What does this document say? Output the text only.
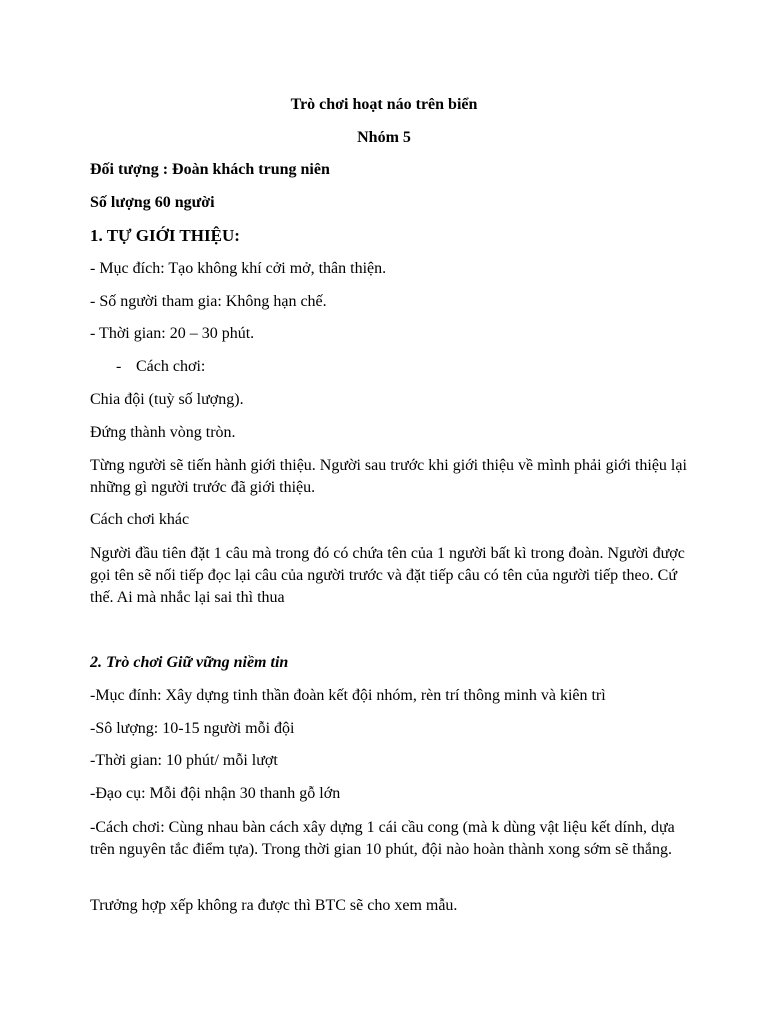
Trò chơi hoạt náo trên biển

Nhóm 5

Đối tượng : Đoàn khách trung niên

Số lượng 60 người

1. TỰ GIỚI THIỆU:

- Mục đích: Tạo không khí cởi mở, thân thiện.

- Số người tham gia: Không hạn chế.

- Thời gian: 20 – 30 phút.

- Cách chơi:

Chia đội (tuỳ số lượng).

Đứng thành vòng tròn.

Từng người sẽ tiến hành giới thiệu. Người sau trước khi giới thiệu về mình phải giới thiệu lại những gì người trước đã giới thiệu.

Cách chơi khác

Người đầu tiên đặt 1 câu mà trong đó có chứa tên của 1 người bất kì trong đoàn. Người được gọi tên sẽ nối tiếp đọc lại câu của người trước và đặt tiếp câu có tên của người tiếp theo. Cứ thế. Ai mà nhắc lại sai thì thua

2. Trò chơi Giữ vững niềm tin

-Mục đính: Xây dựng tinh thần đoàn kết đội nhóm, rèn trí thông minh và kiên trì

-Sô lượng: 10-15 người mỗi đội

-Thời gian: 10 phút/ mỗi lượt

-Đạo cụ: Mỗi đội nhận 30 thanh gỗ lớn

-Cách chơi: Cùng nhau bàn cách xây dựng 1 cái cầu cong (mà k dùng vật liệu kết dính, dựa trên nguyên tắc điểm tựa). Trong thời gian 10 phút, đội nào hoàn thành xong sớm sẽ thắng.

Trưởng hợp xếp không ra được thì BTC sẽ cho xem mẫu.
